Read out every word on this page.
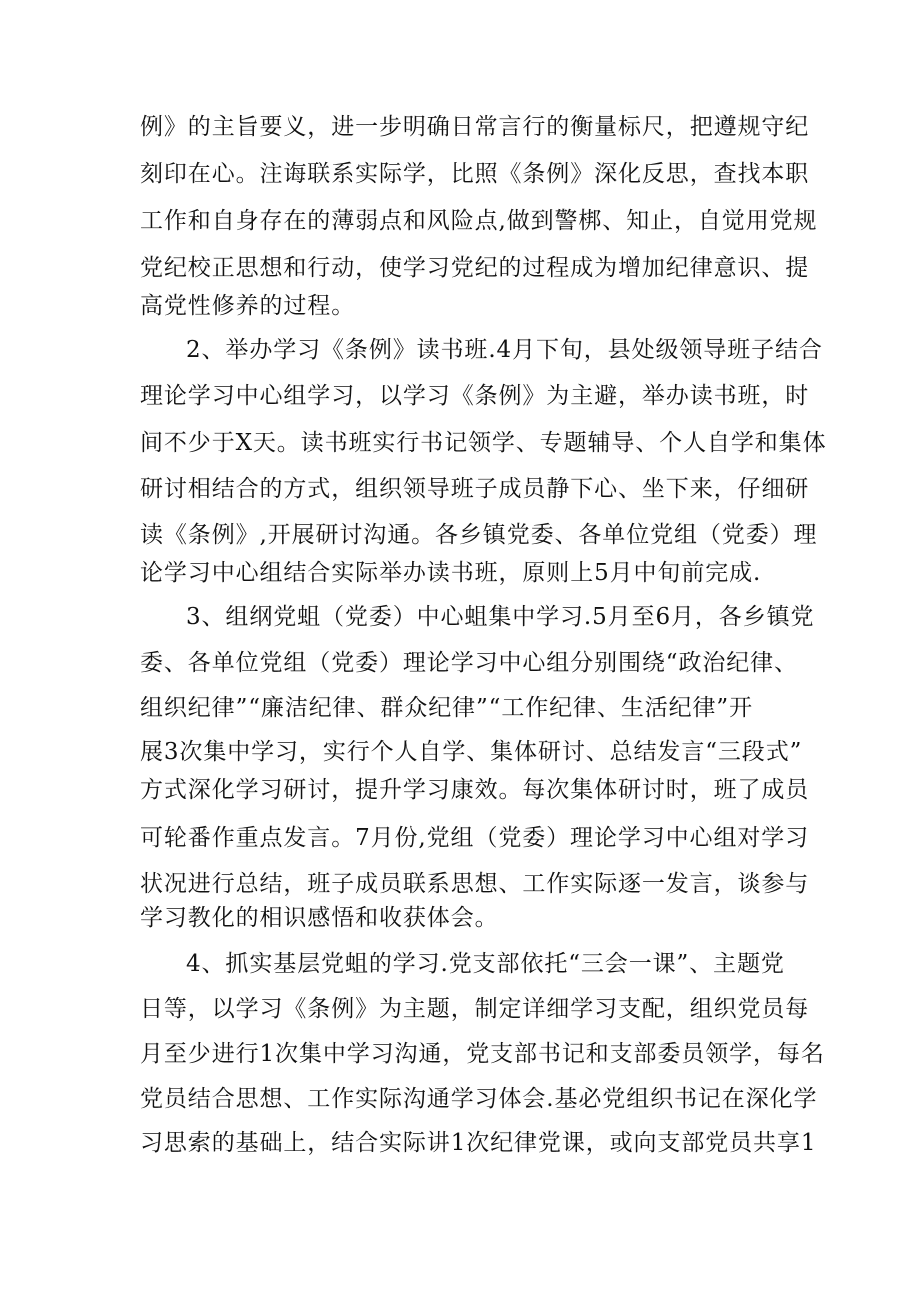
例》的主旨要义，进一步明确日常言行的衡量标尺，把遵规守纪
刻印在心。注诲联系实际学，比照《条例》深化反思，查找本职
工作和自身存在的薄弱点和风险点,做到警梆、知止，自觉用党规
党纪校正思想和行动，使学习党纪的过程成为增加纪律意识、提
高党性修养的过程。
2、举办学习《条例》读书班.4月下旬，县处级领导班子结合
理论学习中心组学习，以学习《条例》为主避，举办读书班，时
间不少于X天。读书班实行书记领学、专题辅导、个人自学和集体
研讨相结合的方式，组织领导班子成员静下心、坐下来，仔细研
读《条例》,开展研讨沟通。各乡镇党委、各单位党组（党委）理
论学习中心组结合实际举办读书班，原则上5月中旬前完成.
3、组纲党蛆（党委）中心蛆集中学习.5月至6月，各乡镇党
委、各单位党组（党委）理论学习中心组分别围绕“政治纪律、
组织纪律”“廉洁纪律、群众纪律”“工作纪律、生活纪律”开
展3次集中学习，实行个人自学、集体研讨、总结发言“三段式”
方式深化学习研讨，提升学习康效。每次集体研讨时，班了成员
可轮番作重点发言。7月份,党组（党委）理论学习中心组对学习
状况进行总结，班子成员联系思想、工作实际逐一发言，谈参与
学习教化的相识感悟和收获体会。
4、抓实基层党蛆的学习.党支部依托“三会一课”、主题党
日等，以学习《条例》为主题，制定详细学习支配，组织党员每
月至少进行1次集中学习沟通，党支部书记和支部委员领学，每名
党员结合思想、工作实际沟通学习体会.基必党组织书记在深化学
习思索的基础上，结合实际讲1次纪律党课，或向支部党员共享1
